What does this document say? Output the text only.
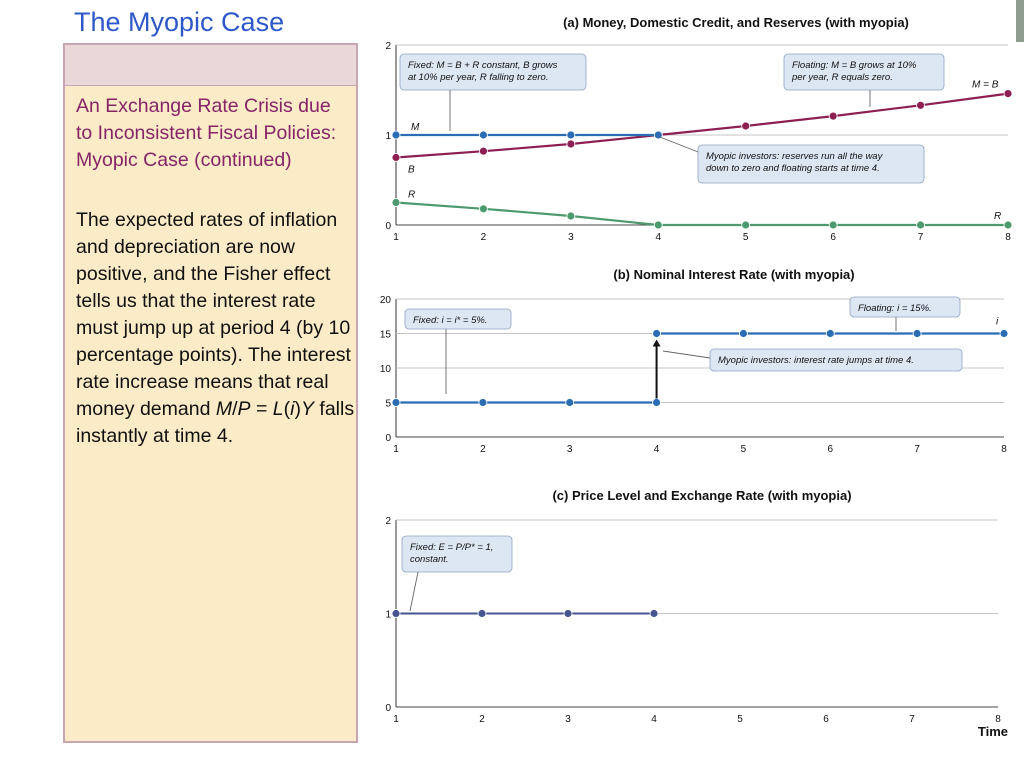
The Myopic Case
An Exchange Rate Crisis due to Inconsistent Fiscal Policies: Myopic Case (continued)
The expected rates of inflation and depreciation are now positive, and the Fisher effect tells us that the interest rate must jump up at period 4 (by 10 percentage points). The interest rate increase means that real money demand M/P = L(i)Y falls instantly at time 4.
(a) Money, Domestic Credit, and Reserves (with myopia)
0
1
2
1	2	3	4	5	6	7	8
M
B
R
R
M = B
Fixed: M = B + R constant, B grows
at 10% per year, R falling to zero.
Floating: M = B grows at 10%
per year, R equals zero.
Myopic investors: reserves run all the way
down to zero and floating starts at time 4.
(b) Nominal Interest Rate (with myopia)
0
5
10
15
20
1	2	3	4	5	6	7	8
i
Fixed: i = i* = 5%.
Floating: i = 15%.
Myopic investors: interest rate jumps at time 4.
(c) Price Level and Exchange Rate (with myopia)
0
1
2
1	2	3	4	5	6	7	8
Time
Fixed: E = P/P* = 1,
constant.
